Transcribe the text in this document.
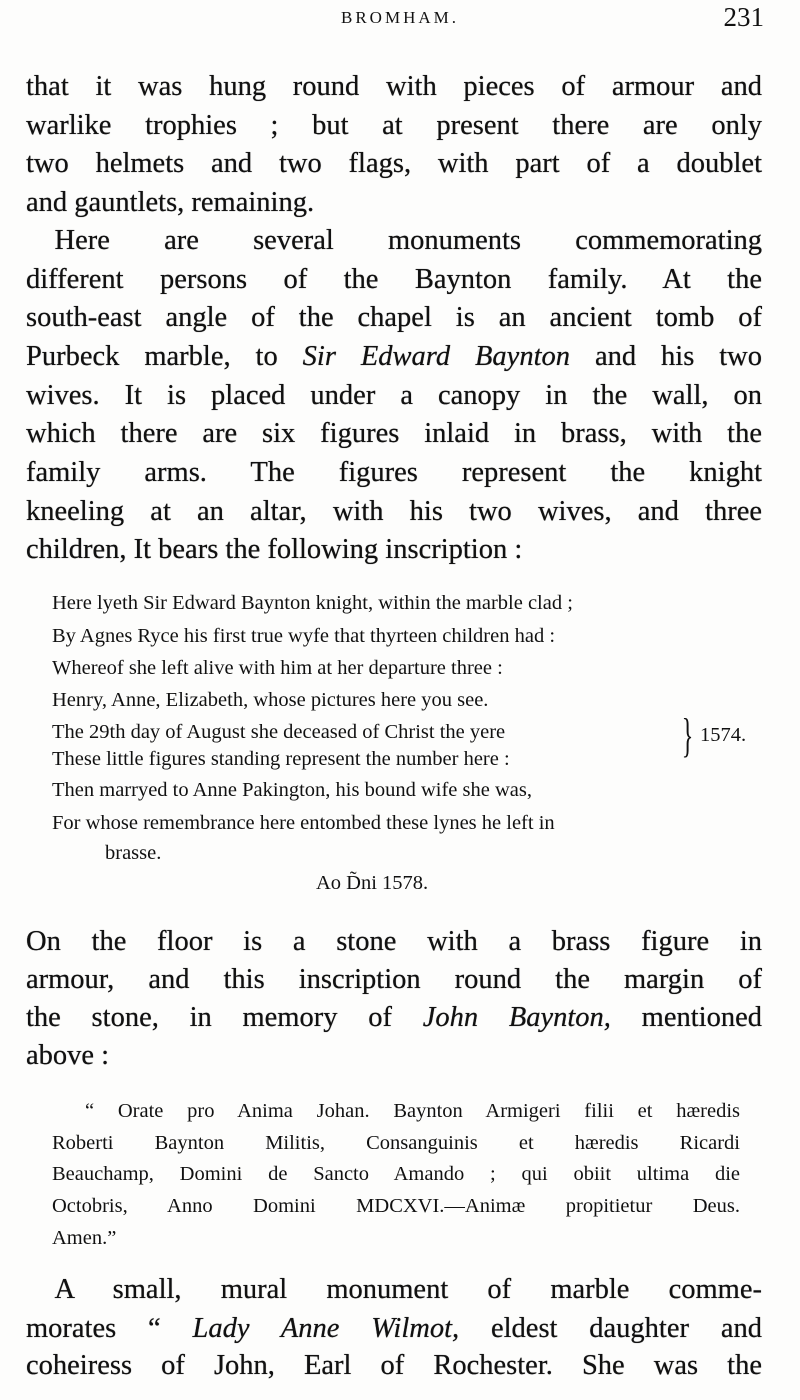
BROMHAM.	231
that it was hung round with pieces of armour and
warlike trophies ; but at present there are only
two helmets and two flags, with part of a doublet
and gauntlets, remaining.
 Here are several monuments commemorating
different persons of the Baynton family. At the
south-east angle of the chapel is an ancient tomb of
Purbeck marble, to Sir Edward Baynton and his two
wives. It is placed under a canopy in the wall, on
which there are six figures inlaid in brass, with the
family arms. The figures represent the knight
kneeling at an altar, with his two wives, and three
children, It bears the following inscription :
On the floor is a stone with a brass figure in
armour, and this inscription round the margin of
the stone, in memory of John Baynton, mentioned
above :
 A small, mural monument of marble comme-
morates “ Lady Anne Wilmot, eldest daughter and
coheiress of John, Earl of Rochester. She was the
Here lyeth Sir Edward Baynton knight, within the marble clad ;
By Agnes Ryce his first true wyfe that thyrteen children had :
Whereof she left alive with him at her departure three :
Henry, Anne, Elizabeth, whose pictures here you see.
The 29th day of August she deceased of Christ the yere
These little figures standing represent the number here :
Then marryed to Anne Pakington, his bound wife she was,
For whose remembrance here entombed these lynes he left in
brasse.
Ao D̃ni 1578.
“ Orate pro Anima Johan. Baynton Armigeri filii et hæredis
Roberti Baynton Militis, Consanguinis et hæredis Ricardi
Beauchamp, Domini de Sancto Amando ; qui obiit ultima die
Octobris, Anno Domini MDCXVI.—Animæ propitietur Deus.
Amen.”
} 1574.
